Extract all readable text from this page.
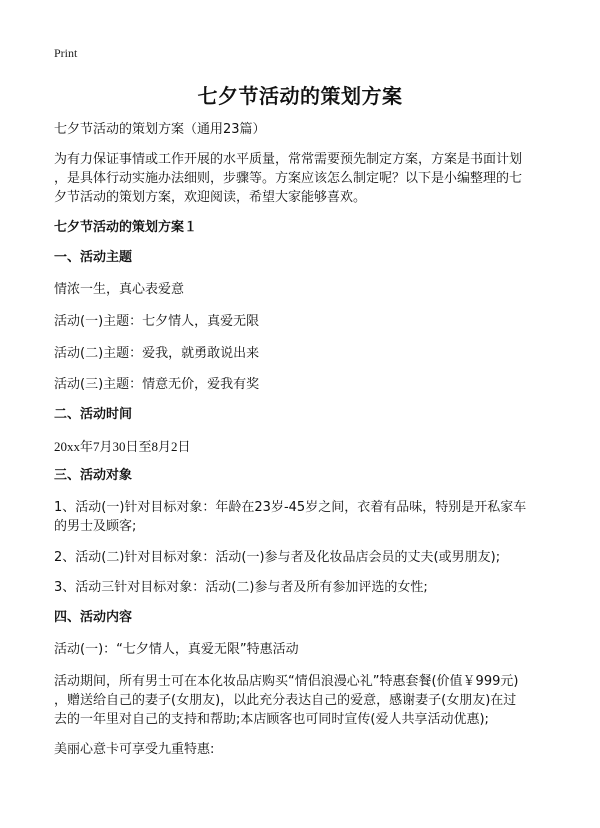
Print
七夕节活动的策划方案
七夕节活动的策划方案（通用23篇）
为有力保证事情或工作开展的水平质量，常常需要预先制定方案，方案是书面计划
，是具体行动实施办法细则，步骤等。方案应该怎么制定呢？以下是小编整理的七
夕节活动的策划方案，欢迎阅读，希望大家能够喜欢。
七夕节活动的策划方案１
一、活动主题
情浓一生，真心表爱意
活动(一)主题：七夕情人，真爱无限
活动(二)主题：爱我，就勇敢说出来
活动(三)主题：情意无价，爱我有奖
二、活动时间
20xx年7月30日至8月2日
三、活动对象
1、活动(一)针对目标对象：年龄在23岁-45岁之间，衣着有品味，特别是开私家车
的男士及顾客;
2、活动(二)针对目标对象：活动(一)参与者及化妆品店会员的丈夫(或男朋友);
3、活动三针对目标对象：活动(二)参与者及所有参加评选的女性;
四、活动内容
活动(一)：“七夕情人，真爱无限”特惠活动
活动期间，所有男士可在本化妆品店购买“情侣浪漫心礼”特惠套餐(价值￥999元)
，赠送给自己的妻子(女朋友)，以此充分表达自己的爱意，感谢妻子(女朋友)在过
去的一年里对自己的支持和帮助;本店顾客也可同时宣传(爱人共享活动优惠);
美丽心意卡可享受九重特惠:
